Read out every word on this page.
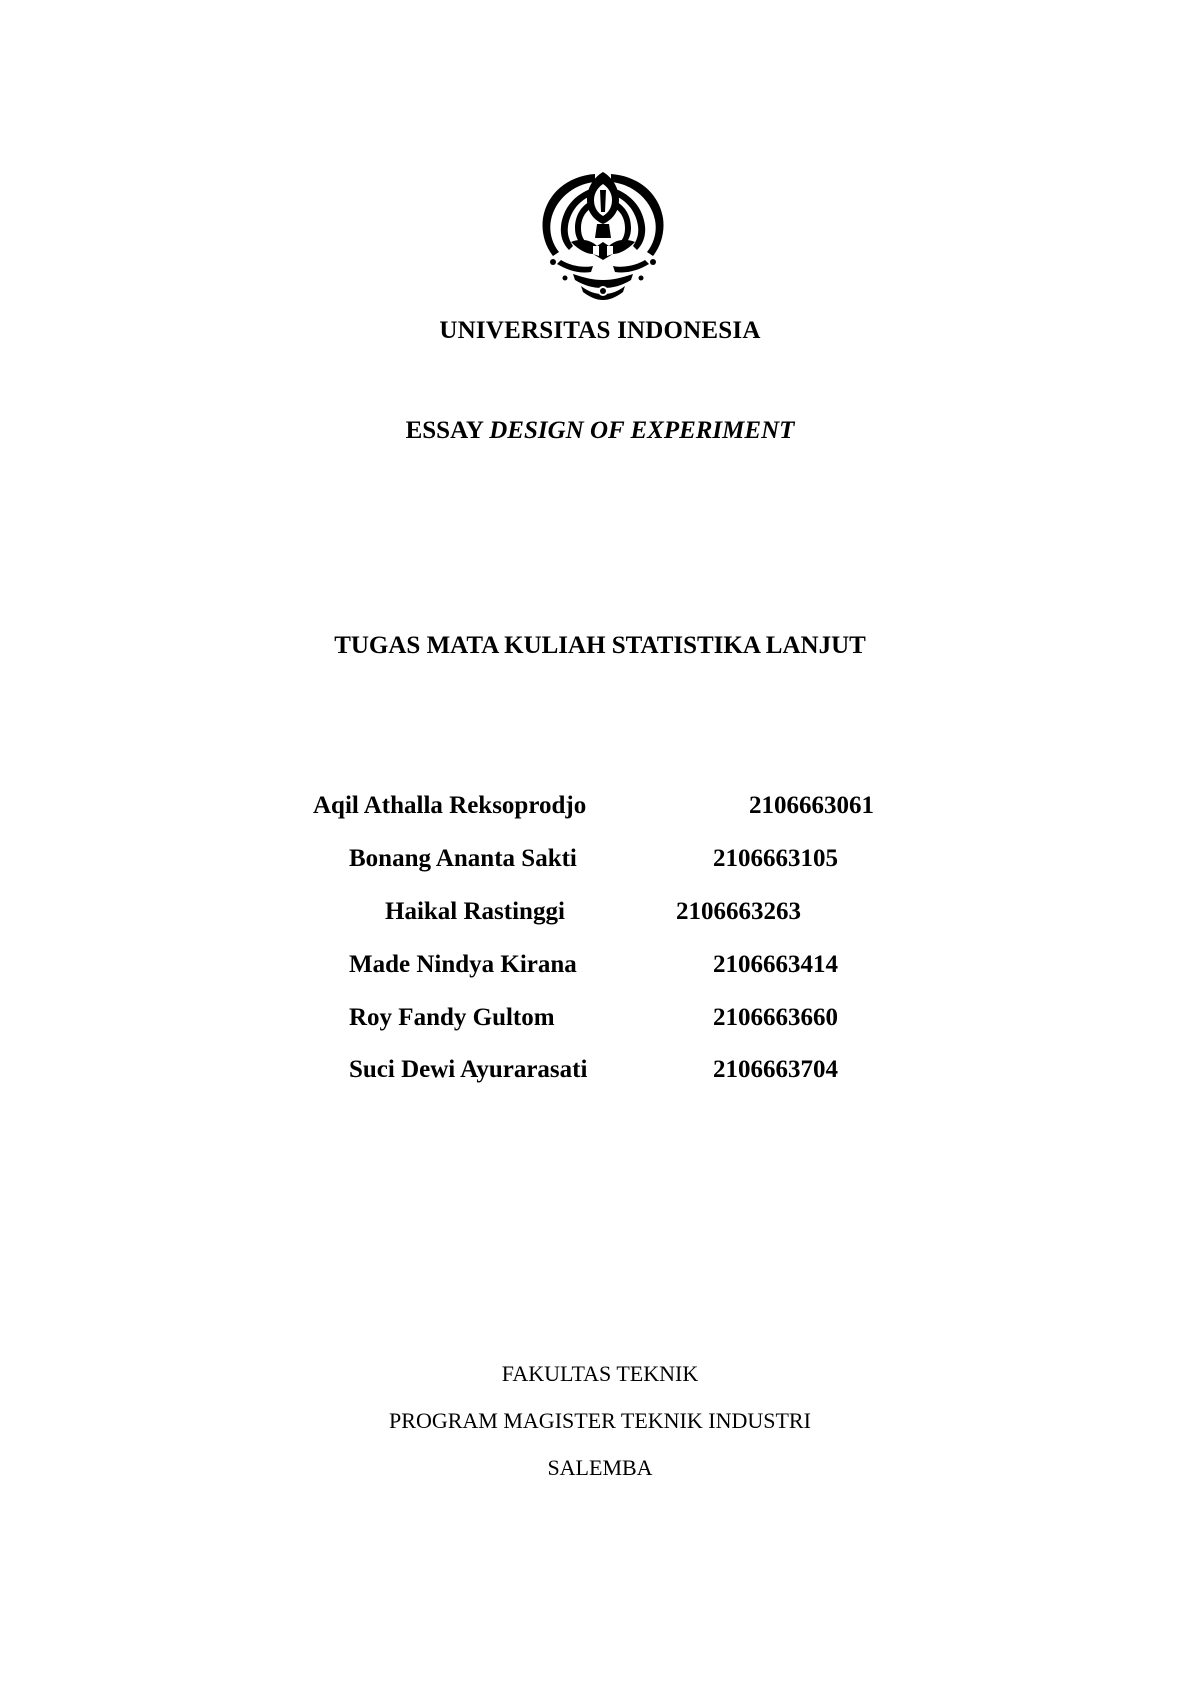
UNIVERSITAS INDONESIA
ESSAY DESIGN OF EXPERIMENT
TUGAS MATA KULIAH STATISTIKA LANJUT
Aqil Athalla Reksoprodjo	2106663061
Bonang Ananta Sakti	2106663105
Haikal Rastinggi	2106663263
Made Nindya Kirana	2106663414
Roy Fandy Gultom	2106663660
Suci Dewi Ayurarasati	2106663704
FAKULTAS TEKNIK
PROGRAM MAGISTER TEKNIK INDUSTRI
SALEMBA
